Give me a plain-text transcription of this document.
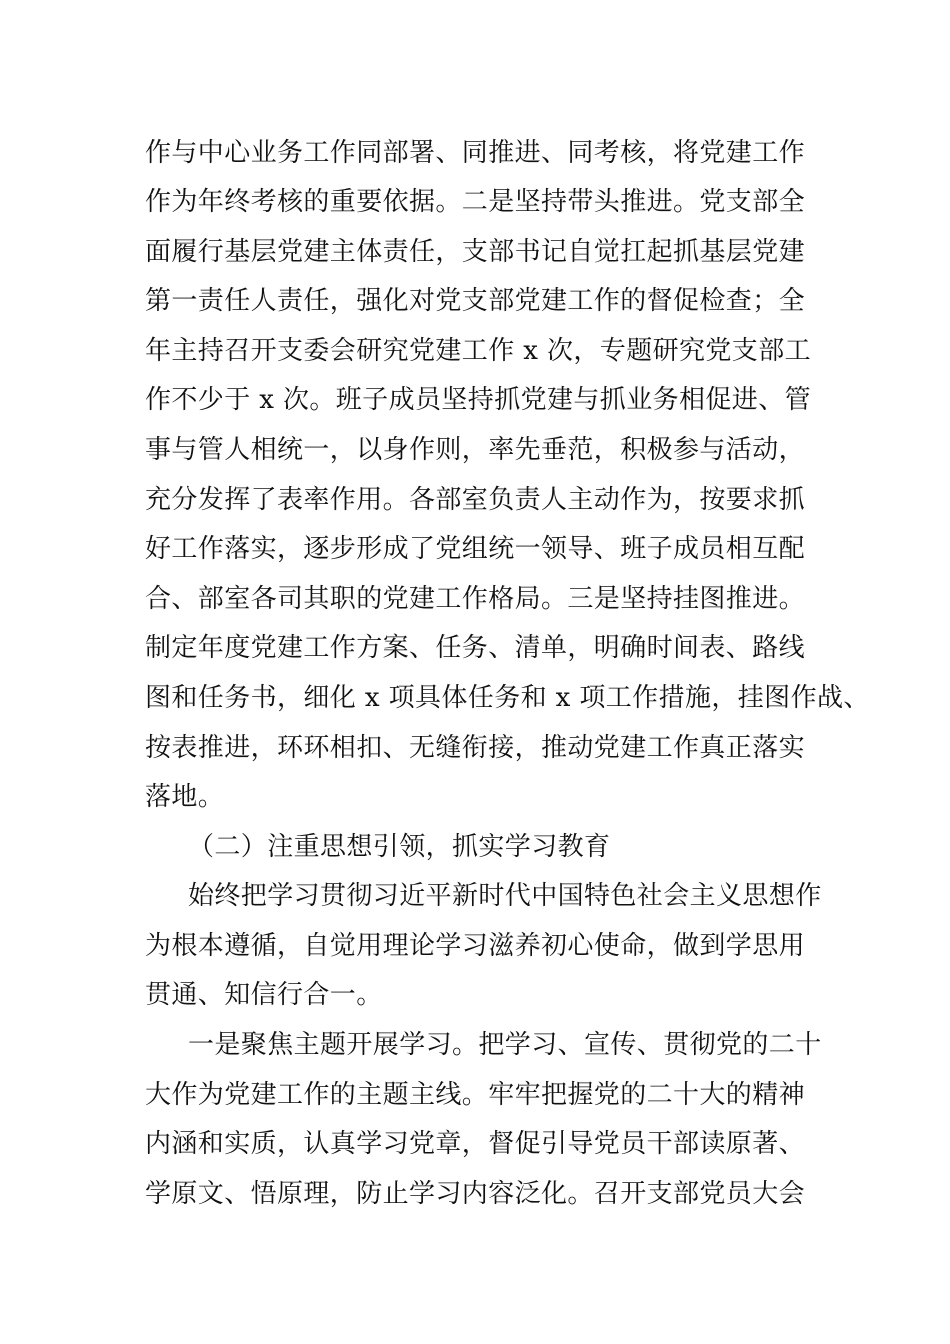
作与中心业务工作同部署、同推进、同考核，将党建工作
作为年终考核的重要依据。二是坚持带头推进。党支部全
面履行基层党建主体责任，支部书记自觉扛起抓基层党建
第一责任人责任，强化对党支部党建工作的督促检查；全
年主持召开支委会研究党建工作 x 次，专题研究党支部工
作不少于 x 次。班子成员坚持抓党建与抓业务相促进、管
事与管人相统一，以身作则，率先垂范，积极参与活动，
充分发挥了表率作用。各部室负责人主动作为，按要求抓
好工作落实，逐步形成了党组统一领导、班子成员相互配
合、部室各司其职的党建工作格局。三是坚持挂图推进。
制定年度党建工作方案、任务、清单，明确时间表、路线
图和任务书，细化 x 项具体任务和 x 项工作措施，挂图作战、
按表推进，环环相扣、无缝衔接，推动党建工作真正落实
落地。
（二）注重思想引领，抓实学习教育
始终把学习贯彻习近平新时代中国特色社会主义思想作
为根本遵循，自觉用理论学习滋养初心使命，做到学思用
贯通、知信行合一。
一是聚焦主题开展学习。把学习、宣传、贯彻党的二十
大作为党建工作的主题主线。牢牢把握党的二十大的精神
内涵和实质，认真学习党章，督促引导党员干部读原著、
学原文、悟原理，防止学习内容泛化。召开支部党员大会
